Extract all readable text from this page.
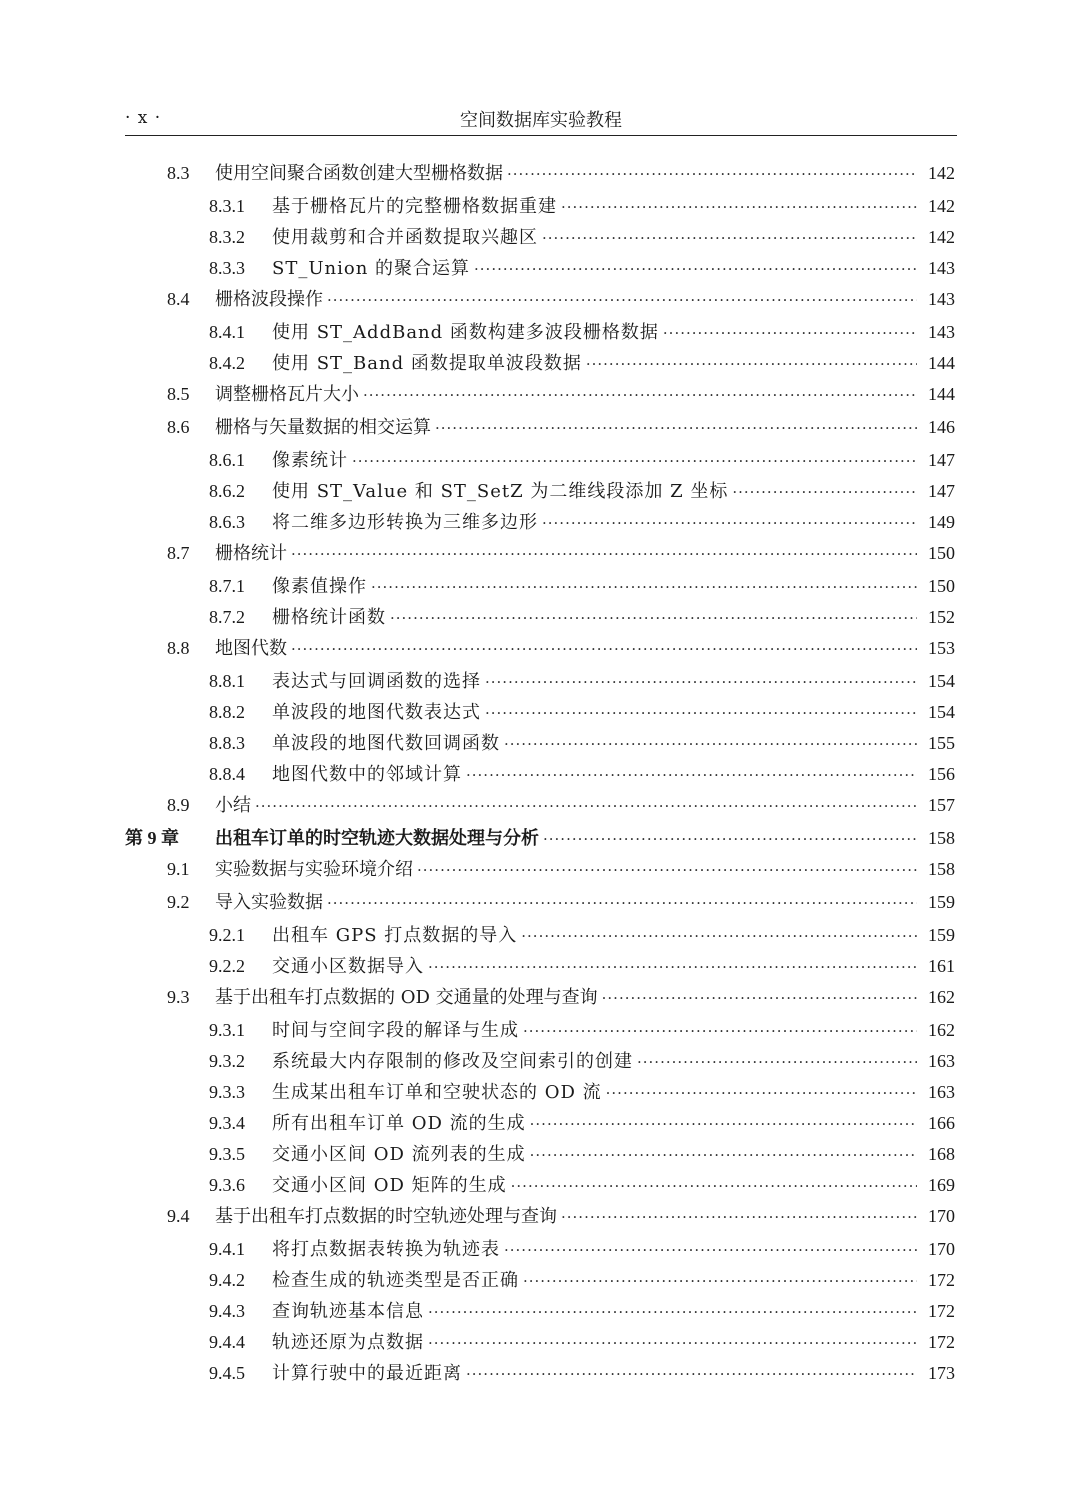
· x ·	空间数据库实验教程
8.3	使用空间聚合函数创建大型栅格数据 ·····	142
8.3.1	基于栅格瓦片的完整栅格数据重建 ·····	142
8.3.2	使用裁剪和合并函数提取兴趣区 ·····	142
8.3.3	ST_Union 的聚合运算 ·····	143
8.4	栅格波段操作 ·····	143
8.4.1	使用 ST_AddBand 函数构建多波段栅格数据 ·····	143
8.4.2	使用 ST_Band 函数提取单波段数据 ·····	144
8.5	调整栅格瓦片大小 ·····	144
8.6	栅格与矢量数据的相交运算 ·····	146
8.6.1	像素统计 ·····	147
8.6.2	使用 ST_Value 和 ST_SetZ 为二维线段添加 Z 坐标 ·····	147
8.6.3	将二维多边形转换为三维多边形 ·····	149
8.7	栅格统计 ·····	150
8.7.1	像素值操作 ·····	150
8.7.2	栅格统计函数 ·····	152
8.8	地图代数 ·····	153
8.8.1	表达式与回调函数的选择 ·····	154
8.8.2	单波段的地图代数表达式 ·····	154
8.8.3	单波段的地图代数回调函数 ·····	155
8.8.4	地图代数中的邻域计算 ·····	156
8.9	小结 ·····	157
第 9 章	出租车订单的时空轨迹大数据处理与分析 ·····	158
9.1	实验数据与实验环境介绍 ·····	158
9.2	导入实验数据 ·····	159
9.2.1	出租车 GPS 打点数据的导入 ·····	159
9.2.2	交通小区数据导入 ·····	161
9.3	基于出租车打点数据的 OD 交通量的处理与查询 ·····	162
9.3.1	时间与空间字段的解译与生成 ·····	162
9.3.2	系统最大内存限制的修改及空间索引的创建 ·····	163
9.3.3	生成某出租车订单和空驶状态的 OD 流 ·····	163
9.3.4	所有出租车订单 OD 流的生成 ·····	166
9.3.5	交通小区间 OD 流列表的生成 ·····	168
9.3.6	交通小区间 OD 矩阵的生成 ·····	169
9.4	基于出租车打点数据的时空轨迹处理与查询 ·····	170
9.4.1	将打点数据表转换为轨迹表 ·····	170
9.4.2	检查生成的轨迹类型是否正确 ·····	172
9.4.3	查询轨迹基本信息 ·····	172
9.4.4	轨迹还原为点数据 ·····	172
9.4.5	计算行驶中的最近距离 ·····	173
